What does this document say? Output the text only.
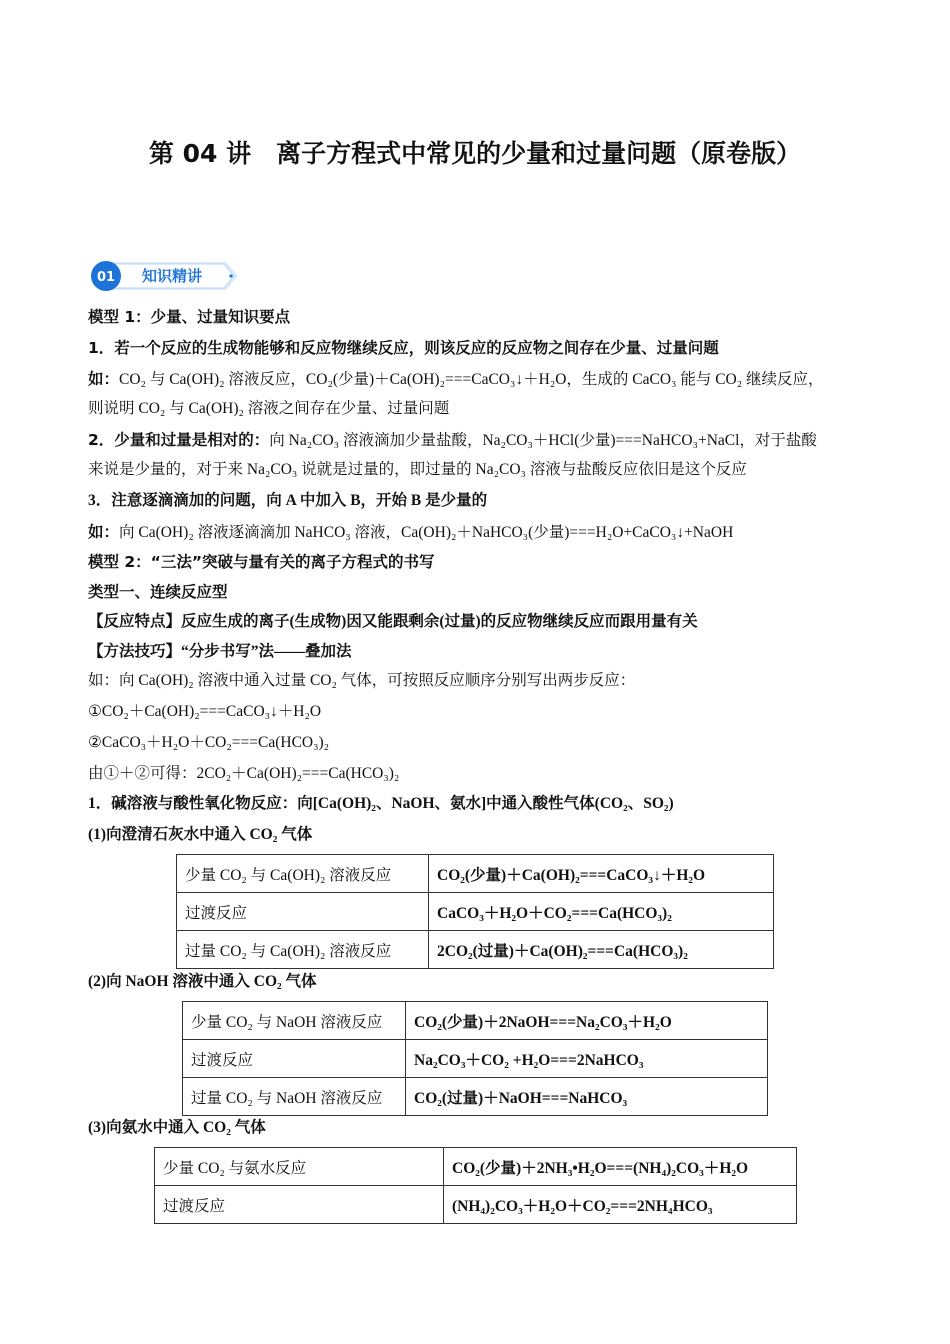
第 04 讲　离子方程式中常见的少量和过量问题（原卷版）
01 知识精讲
模型 1：少量、过量知识要点
1．若一个反应的生成物能够和反应物继续反应，则该反应的反应物之间存在少量、过量问题
如：CO₂ 与 Ca(OH)₂ 溶液反应，CO₂(少量)＋Ca(OH)₂===CaCO₃↓＋H₂O，生成的 CaCO₃ 能与 CO₂ 继续反应，
则说明 CO₂ 与 Ca(OH)₂ 溶液之间存在少量、过量问题
2．少量和过量是相对的：向 Na₂CO₃ 溶液滴加少量盐酸，Na₂CO₃＋HCl(少量)===NaHCO₃+NaCl，对于盐酸
来说是少量的，对于来 Na₂CO₃ 说就是过量的，即过量的 Na₂CO₃ 溶液与盐酸反应依旧是这个反应
3．注意逐滴滴加的问题，向 A 中加入 B，开始 B 是少量的
如：向 Ca(OH)₂ 溶液逐滴滴加 NaHCO₃ 溶液，Ca(OH)₂＋NaHCO₃(少量)===H₂O+CaCO₃↓+NaOH
模型 2：“三法”突破与量有关的离子方程式的书写
类型一、连续反应型
【反应特点】反应生成的离子(生成物)因又能跟剩余(过量)的反应物继续反应而跟用量有关
【方法技巧】“分步书写”法——叠加法
如：向 Ca(OH)₂ 溶液中通入过量 CO₂ 气体，可按照反应顺序分别写出两步反应：
①CO₂＋Ca(OH)₂===CaCO₃↓＋H₂O
②CaCO₃＋H₂O＋CO₂===Ca(HCO₃)₂
由①＋②可得：2CO₂＋Ca(OH)₂===Ca(HCO₃)₂
1．碱溶液与酸性氧化物反应：向[Ca(OH)₂、NaOH、氨水]中通入酸性气体(CO₂、SO₂)
(1)向澄清石灰水中通入 CO₂ 气体
少量 CO₂ 与 Ca(OH)₂ 溶液反应	CO₂(少量)＋Ca(OH)₂===CaCO₃↓＋H₂O
过渡反应	CaCO₃＋H₂O＋CO₂===Ca(HCO₃)₂
过量 CO₂ 与 Ca(OH)₂ 溶液反应	2CO₂(过量)＋Ca(OH)₂===Ca(HCO₃)₂
(2)向 NaOH 溶液中通入 CO₂ 气体
少量 CO₂ 与 NaOH 溶液反应	CO₂(少量)＋2NaOH===Na₂CO₃＋H₂O
过渡反应	Na₂CO₃＋CO₂ +H₂O===2NaHCO₃
过量 CO₂ 与 NaOH 溶液反应	CO₂(过量)＋NaOH===NaHCO₃
(3)向氨水中通入 CO₂ 气体
少量 CO₂ 与氨水反应	CO₂(少量)＋2NH₃•H₂O===(NH₄)₂CO₃＋H₂O
过渡反应	(NH₄)₂CO₃＋H₂O＋CO₂===2NH₄HCO₃
